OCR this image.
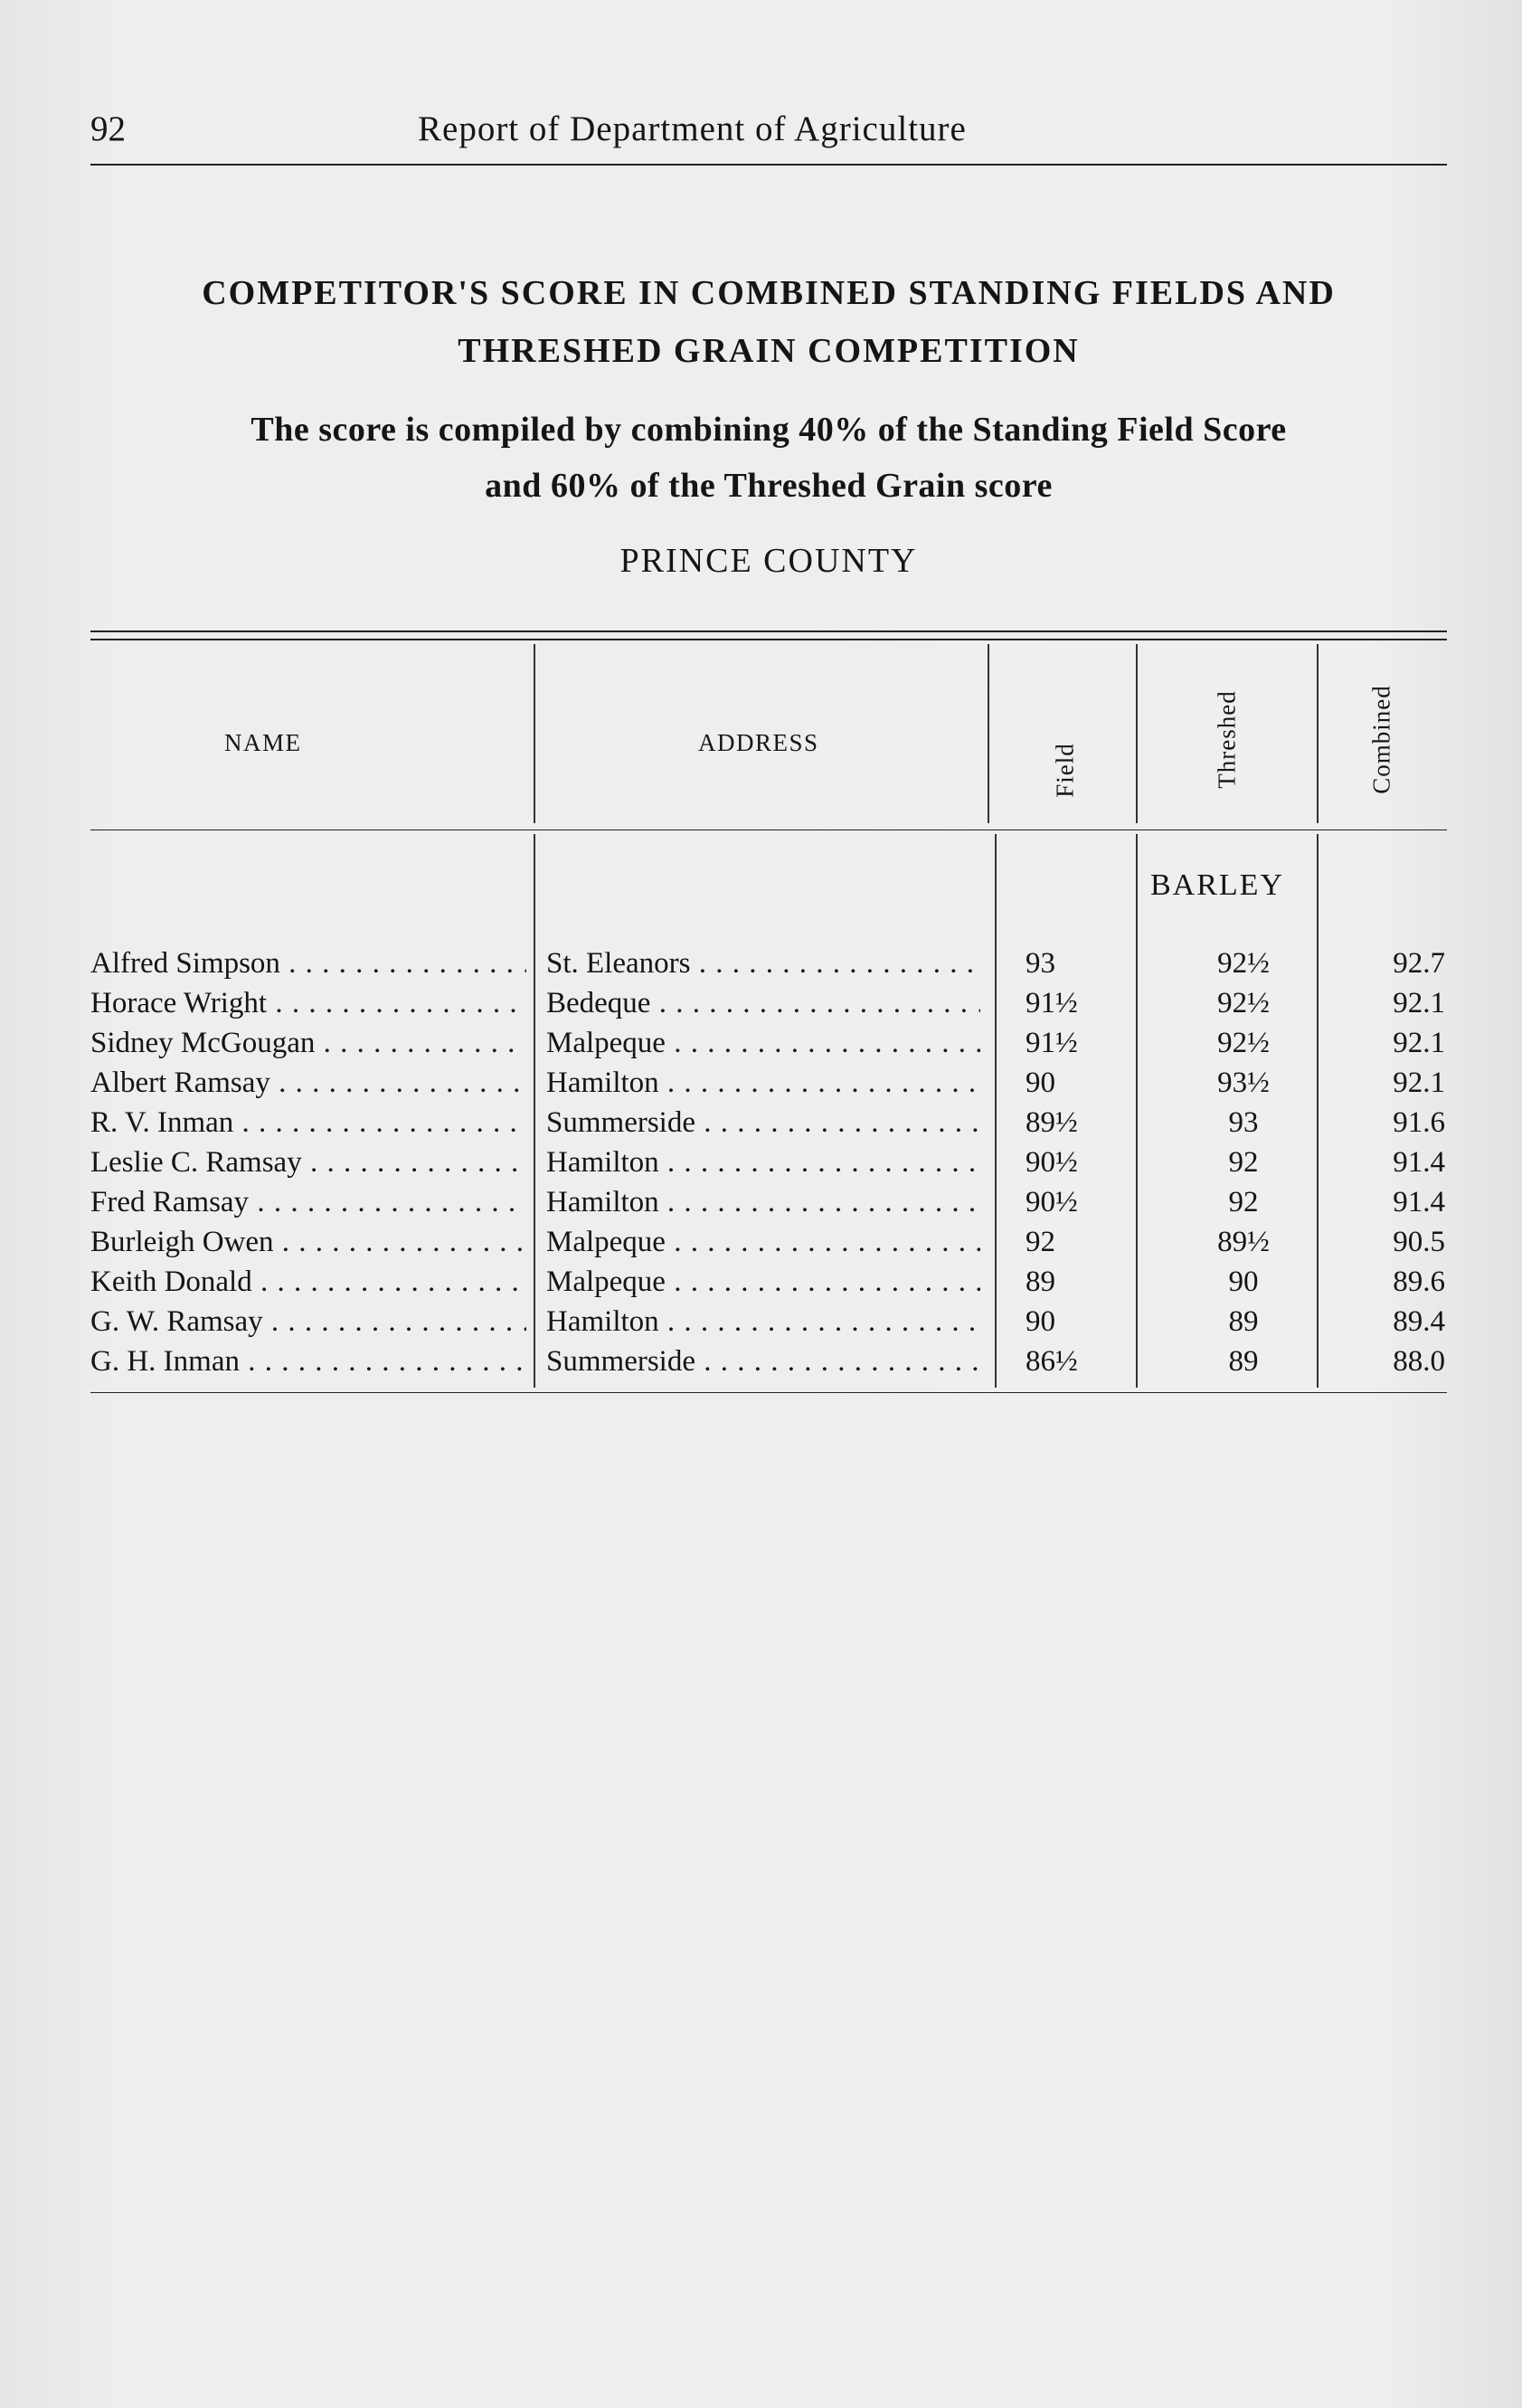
92	Report of Department of Agriculture
COMPETITOR'S SCORE IN COMBINED STANDING FIELDS AND
THRESHED GRAIN COMPETITION
The score is compiled by combining 40% of the Standing Field Score
and 60% of the Threshed Grain score
PRINCE COUNTY
NAME	ADDRESS
Field	Threshed	Combined
BARLEY
Alfred Simpson . . .	St. Eleanors . . .	93	92½	92.7
Horace Wright . . .	Bedeque . . .	91½	92½	92.1
Sidney McGougan . . .	Malpeque . . .	91½	92½	92.1
Albert Ramsay . . .	Hamilton . . .	90	93½	92.1
R. V. Inman . . .	Summerside . . .	89½	93	91.6
Leslie C. Ramsay . . .	Hamilton . . .	90½	92	91.4
Fred Ramsay . . .	Hamilton . . .	90½	92	91.4
Burleigh Owen . . .	Malpeque . . .	92	89½	90.5
Keith Donald . . .	Malpeque . . .	89	90	89.6
G. W. Ramsay . . .	Hamilton . . .	90	89	89.4
G. H. Inman . . .	Summerside . . .	86½	89	88.0
